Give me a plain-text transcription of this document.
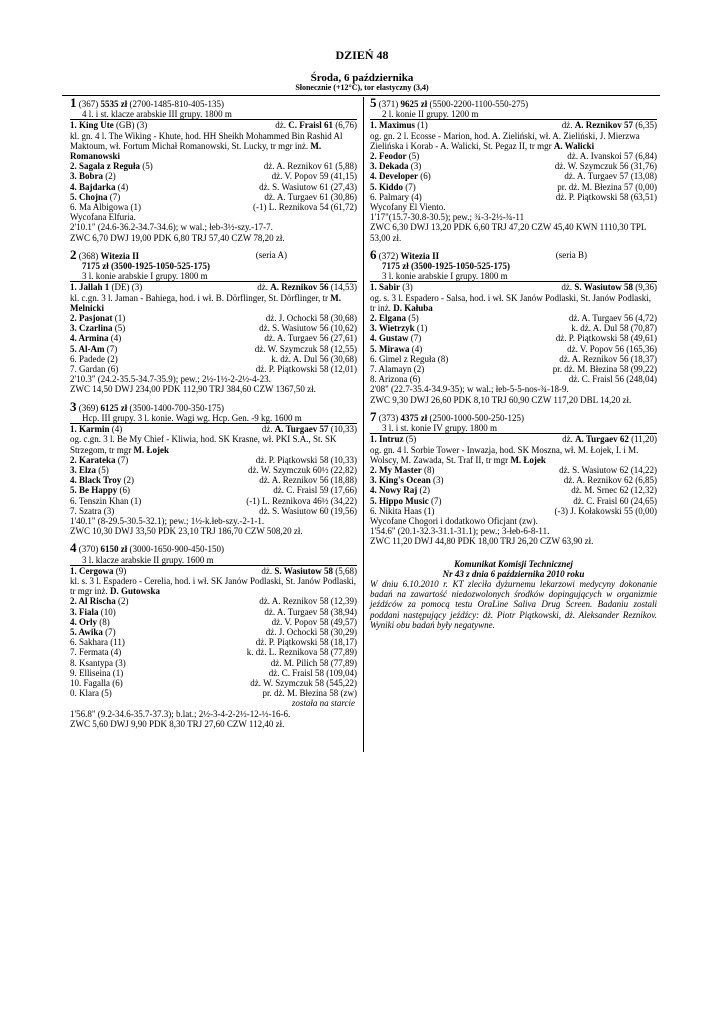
DZIEŃ 48
Środa, 6 października
Słonecznie (+12°C), tor elastyczny (3,4)
1 (367) 5535 zł (2700-1485-810-405-135)
4 l. i st. klacze arabskie III grupy. 1800 m
1. King Ute (GB) (3)	dż. C. Fraisl 61 (6,76)
kl. gn. 4 l. The Wiking - Khute, hod. HH Sheikh Mohammed Bin Rashid Al Maktoum, wł. Fortum Michał Romanowski, St. Lucky, tr mgr inż. M. Romanowski
2. Sagala z Reguła (5)	dż. A. Reznikov 61 (5,88)
3. Bobra (2)	dż. V. Popov 59 (41,15)
4. Bajdarka (4)	dż. S. Wasiutow 61 (27,43)
5. Chojna (7)	dż. A. Turgaev 61 (30,86)
6. Ma Albigowa (1)	(-1) L. Reznikova 54 (61,72)
Wycofana Elfuria.
2'10.1" (24.6-36.2-34.7-34.6); w wal.; łeb-3½-szy.-17-7.
ZWC 6,70 DWJ 19,00 PDK 6,80 TRJ 57,40 CZW 78,20 zł.
2 (368) Witezia II	(seria A)
7175 zł (3500-1925-1050-525-175)
3 l. konie arabskie I grupy. 1800 m
1. Jallah 1 (DE) (3)	dż. A. Reznikov 56 (14,53)
kl. c.gn. 3 l. Jaman - Bahiega, hod. i wł. B. Dörflinger, St. Dörflinger, tr M. Melnicki
2. Pasjonat (1)	dż. J. Ochocki 58 (30,68)
3. Czarlina (5)	dż. S. Wasiutow 56 (10,62)
4. Armina (4)	dż. A. Turgaev 56 (27,61)
5. Al-Am (7)	dż. W. Szymczuk 58 (12,55)
6. Padede (2)	k. dż. A. Dul 56 (30,68)
7. Gardan (6)	dż. P. Piątkowski 58 (12,01)
2'10.3" (24.2-35.5-34.7-35.9); pew.; 2½-1½-2-2½-4-23.
ZWC 14,50 DWJ 234,00 PDK 112,90 TRJ 384,60 CZW 1367,50 zł.
3 (369) 6125 zł (3500-1400-700-350-175)
Hcp. III grupy. 3 l. konie. Wagi wg. Hcp. Gen. -9 kg. 1600 m
1. Karmin (4)	dż. A. Turgaev 57 (10,33)
og. c.gn. 3 l. Be My Chief - Kliwia, hod. SK Krasne, wł. PKI S.A., St. SK Strzegom, tr mgr M. Łojek
2. Karateka (7)	dż. P. Piątkowski 58 (10,33)
3. Elza (5)	dż. W. Szymczuk 60½ (22,82)
4. Black Troy (2)	dż. A. Reznikov 56 (18,88)
5. Be Happy (6)	dż. C. Fraisl 59 (17,66)
6. Tenszin Khan (1)	(-1) L. Reznikova 46½ (34,22)
7. Szatra (3)	dż. S. Wasiutow 60 (19,56)
1'40.1" (8-29.5-30.5-32.1); pew.; 1½-k.łeb-szy.-2-1-1.
ZWC 10,30 DWJ 33,50 PDK 23,10 TRJ 186,70 CZW 508,20 zł.
4 (370) 6150 zł (3000-1650-900-450-150)
3 l. klacze arabskie II grupy. 1600 m
1. Cergowa (9)	dż. S. Wasiutow 58 (5,68)
kl. s. 3 l. Espadero - Cerelia, hod. i wł. SK Janów Podlaski, St. Janów Podlaski, tr mgr inż. D. Gutowska
2. Al Rischa (2)	dż. A. Reznikov 58 (12,39)
3. Fiala (10)	dż. A. Turgaev 58 (38,94)
4. Orly (8)	dż. V. Popov 58 (49,57)
5. Awika (7)	dż. J. Ochocki 58 (30,29)
6. Sakhara (11)	dż. P. Piątkowski 58 (18,17)
7. Fermata (4)	k. dż. L. Reznikova 58 (77,89)
8. Ksantypa (3)	dż. M. Pilich 58 (77,89)
9. Elliseina (1)	dż. C. Fraisl 58 (109,04)
10. Fagalla (6)	dż. W. Szymczuk 58 (545,22)
0. Klara (5)	pr. dż. M. Błezina 58 (zw)
została na starcie
1'56.8" (9.2-34.6-35.7-37.3); b.lat.; 2½-3-4-2-2½-12-½-16-6.
ZWC 5,60 DWJ 9,90 PDK 8,30 TRJ 27,60 CZW 112,40 zł.
5 (371) 9625 zł (5500-2200-1100-550-275)
2 l. konie II grupy. 1200 m
1. Maximus (1)	dż. A. Reznikov 57 (6,35)
og. gn. 2 l. Ecosse - Marion, hod. A. Zieliński, wł. A. Zieliński, J. Mierzwa Zielińska i Korab - A. Walicki, St. Pegaz II, tr mgr A. Walicki
2. Feodor (5)	dż. A. Ivanskoi 57 (6,84)
3. Dekada (3)	dż. W. Szymczuk 56 (31,76)
4. Developer (6)	dż. A. Turgaev 57 (13,08)
5. Kiddo (7)	pr. dż. M. Błezina 57 (0,00)
6. Palmary (4)	dż. P. Piątkowski 58 (63,51)
Wycofany El Viento.
1'17"(15.7-30.8-30.5); pew.; ¾-3-2½-¾-11
ZWC 6,30 DWJ 13,20 PDK 6,60 TRJ 47,20 CZW 45,40 KWN 1110,30 TPL 53,00 zł.
6 (372) Witezia II	(seria B)
7175 zł (3500-1925-1050-525-175)
3 l. konie arabskie I grupy. 1800 m
1. Sabir (3)	dż. S. Wasiutow 58 (9,36)
og. s. 3 l. Espadero - Salsa, hod. i wł. SK Janów Podlaski, St. Janów Podlaski, tr inż. D. Kałuba
2. Elgana (5)	dż. A. Turgaev 56 (4,72)
3. Wietrzyk (1)	k. dż. A. Dul 58 (70,87)
4. Gustaw (7)	dż. P. Piątkowski 58 (49,61)
5. Mirawa (4)	dż. V. Popov 56 (165,36)
6. Gimel z Reguła (8)	dż. A. Reznikov 56 (18,37)
7. Alamayn (2)	pr. dż. M. Błezina 58 (99,22)
8. Arizona (6)	dż. C. Fraisl 56 (248,04)
2'08" (22.7-35.4-34.9-35); w wal.; łeb-5-5-nos-¾-18-9.
ZWC 9,30 DWJ 26,60 PDK 8,10 TRJ 60,90 CZW 117,20 DBL 14,20 zł.
7 (373) 4375 zł (2500-1000-500-250-125)
3 l. i st. konie IV grupy. 1800 m
1. Intruz (5)	dż. A. Turgaev 62 (11,20)
og. gn. 4 l. Sorbie Tower - Inwazja, hod. SK Moszna, wł. M. Łojek, I. i M. Wolscy, M. Zawada, St. Traf II, tr mgr M. Łojek
2. My Master (8)	dż. S. Wasiutow 62 (14,22)
3. King's Ocean (3)	dż. A. Reznikov 62 (6,85)
4. Nowy Raj (2)	dż. M. Srnec 62 (12,32)
5. Hippo Music (7)	dż. C. Fraisl 60 (24,65)
6. Nikita Haas (1)	(-3) J. Kołakowski 55 (0,00)
Wycofane Chogori i dodatkowo Oficjant (zw).
1'54.6" (20.1-32.3-31.1-31.1); pew.; 3-łeb-6-8-11.
ZWC 11,20 DWJ 44,80 PDK 18,00 TRJ 26,20 CZW 63,90 zł.
Komunikat Komisji Technicznej
Nr 43 z dnia 6 października 2010 roku

W dniu 6.10.2010 r. KT zleciła dyżurnemu lekarzowi medycyny dokonanie badań na zawartość niedozwolonych środków dopingujących w organizmie jeźdźców za pomocą testu OraLine Saliva Drug Screen. Badaniu zostali poddani następujący jeźdźcy: dż. Piotr Piątkowski, dż. Aleksander Reznikov. Wyniki obu badań były negatywne.
